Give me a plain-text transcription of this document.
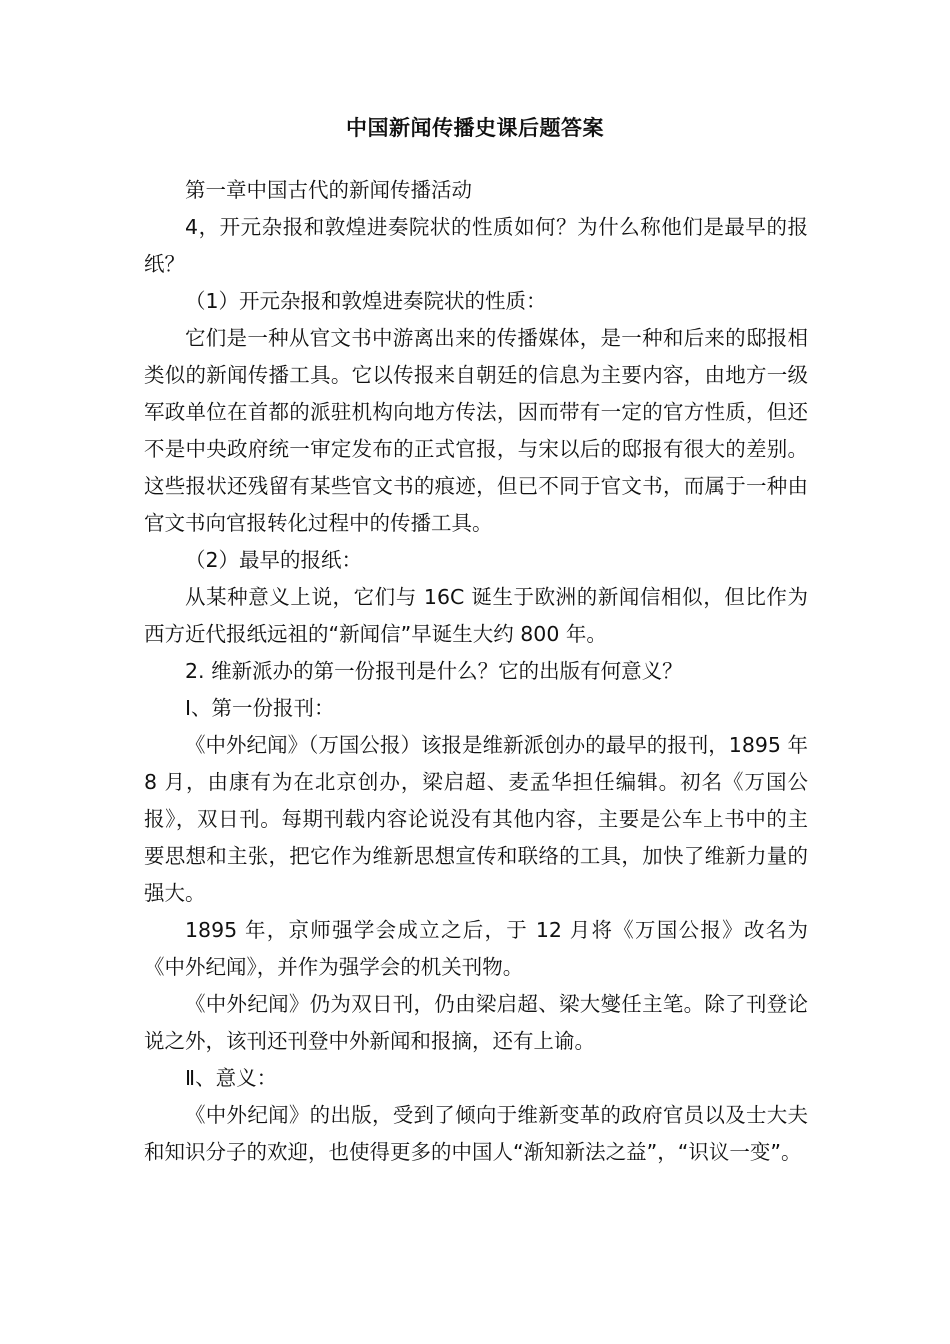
中国新闻传播史课后题答案

第一章中国古代的新闻传播活动

4，开元杂报和敦煌进奏院状的性质如何？为什么称他们是最早的报纸？

（1）开元杂报和敦煌进奏院状的性质：

它们是一种从官文书中游离出来的传播媒体，是一种和后来的邸报相类似的新闻传播工具。它以传报来自朝廷的信息为主要内容，由地方一级军政单位在首都的派驻机构向地方传法，因而带有一定的官方性质，但还不是中央政府统一审定发布的正式官报，与宋以后的邸报有很大的差别。这些报状还残留有某些官文书的痕迹，但已不同于官文书，而属于一种由官文书向官报转化过程中的传播工具。

（2）最早的报纸：

从某种意义上说，它们与 16C 诞生于欧洲的新闻信相似，但比作为西方近代报纸远祖的“新闻信”早诞生大约 800 年。

2. 维新派办的第一份报刊是什么？它的出版有何意义？

I、第一份报刊：

《中外纪闻》（万国公报）该报是维新派创办的最早的报刊，1895 年 8 月，由康有为在北京创办，梁启超、麦孟华担任编辑。初名《万国公报》，双日刊。每期刊载内容论说没有其他内容，主要是公车上书中的主要思想和主张，把它作为维新思想宣传和联络的工具，加快了维新力量的强大。

1895 年，京师强学会成立之后，于 12 月将《万国公报》改名为《中外纪闻》，并作为强学会的机关刊物。

《中外纪闻》仍为双日刊，仍由梁启超、梁大燮任主笔。除了刊登论说之外，该刊还刊登中外新闻和报摘，还有上谕。

Ⅱ、意义：

《中外纪闻》的出版，受到了倾向于维新变革的政府官员以及士大夫和知识分子的欢迎，也使得更多的中国人“渐知新法之益”，“识议一变”。
